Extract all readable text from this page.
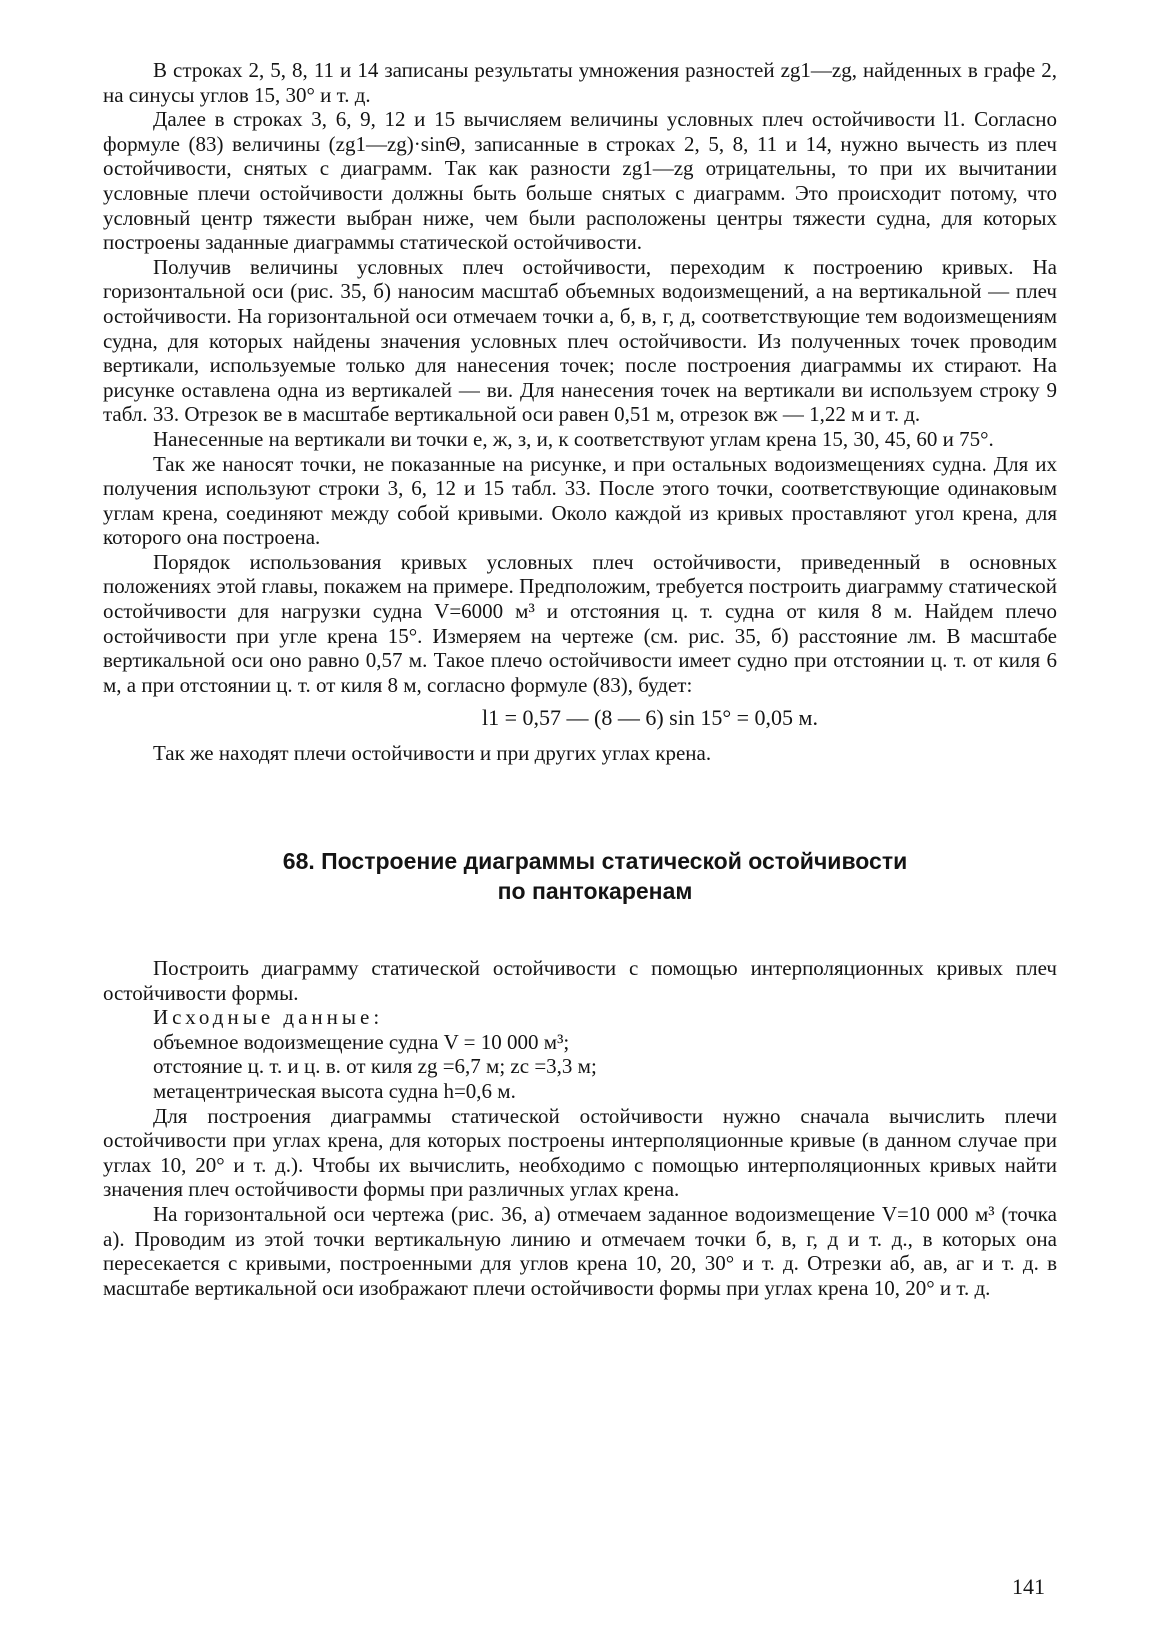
В строках 2, 5, 8, 11 и 14 записаны результаты умножения разностей zg1—zg, найденных в графе 2, на синусы углов 15, 30° и т. д.

Далее в строках 3, 6, 9, 12 и 15 вычисляем величины условных плеч остойчивости l1. Согласно формуле (83) величины (zg1—zg)·sinΘ, записанные в строках 2, 5, 8, 11 и 14, нужно вычесть из плеч остойчивости, снятых с диаграмм. Так как разности zg1—zg отрицательны, то при их вычитании условные плечи остойчивости должны быть больше снятых с диаграмм. Это происходит потому, что условный центр тяжести выбран ниже, чем были расположены центры тяжести судна, для которых построены заданные диаграммы статической остойчивости.

Получив величины условных плеч остойчивости, переходим к построению кривых. На горизонтальной оси (рис. 35, б) наносим масштаб объемных водоизмещений, а на вертикальной — плеч остойчивости. На горизонтальной оси отмечаем точки а, б, в, г, д, соответствующие тем водоизмещениям судна, для которых найдены значения условных плеч остойчивости. Из полученных точек проводим вертикали, используемые только для нанесения точек; после построения диаграммы их стирают. На рисунке оставлена одна из вертикалей — ви. Для нанесения точек на вертикали ви используем строку 9 табл. 33. Отрезок ве в масштабе вертикальной оси равен 0,51 м, отрезок вж — 1,22 м и т. д.

Нанесенные на вертикали ви точки е, ж, з, и, к соответствуют углам крена 15, 30, 45, 60 и 75°.

Так же наносят точки, не показанные на рисунке, и при остальных водоизмещениях судна. Для их получения используют строки 3, 6, 12 и 15 табл. 33. После этого точки, соответствующие одинаковым углам крена, соединяют между собой кривыми. Около каждой из кривых проставляют угол крена, для которого она построена.

Порядок использования кривых условных плеч остойчивости, приведенный в основных положениях этой главы, покажем на примере. Предположим, требуется построить диаграмму статической остойчивости для нагрузки судна V=6000 м³ и отстояния ц. т. судна от киля 8 м. Найдем плечо остойчивости при угле крена 15°. Измеряем на чертеже (см. рис. 35, б) расстояние лм. В масштабе вертикальной оси оно равно 0,57 м. Такое плечо остойчивости имеет судно при отстоянии ц. т. от киля 6 м, а при отстоянии ц. т. от киля 8 м, согласно формуле (83), будет:

l1 = 0,57 — (8 — 6) sin 15° = 0,05 м.

Так же находят плечи остойчивости и при других углах крена.

68. Построение диаграммы статической остойчивости
по пантокаренам

Построить диаграмму статической остойчивости с помощью интерполяционных кривых плеч остойчивости формы.

Исходные данные:

объемное водоизмещение судна V = 10 000 м³;

отстояние ц. т. и ц. в. от киля zg =6,7 м; zc =3,3 м;

метацентрическая высота судна h=0,6 м.

Для построения диаграммы статической остойчивости нужно сначала вычислить плечи остойчивости при углах крена, для которых построены интерполяционные кривые (в данном случае при углах 10, 20° и т. д.). Чтобы их вычислить, необходимо с помощью интерполяционных кривых найти значения плеч остойчивости формы при различных углах крена.

На горизонтальной оси чертежа (рис. 36, а) отмечаем заданное водоизмещение V=10 000 м³ (точка а). Проводим из этой точки вертикальную линию и отмечаем точки б, в, г, д и т. д., в которых она пересекается с кривыми, построенными для углов крена 10, 20, 30° и т. д. Отрезки аб, ав, аг и т. д. в масштабе вертикальной оси изображают плечи остойчивости формы при углах крена 10, 20° и т. д.

141
